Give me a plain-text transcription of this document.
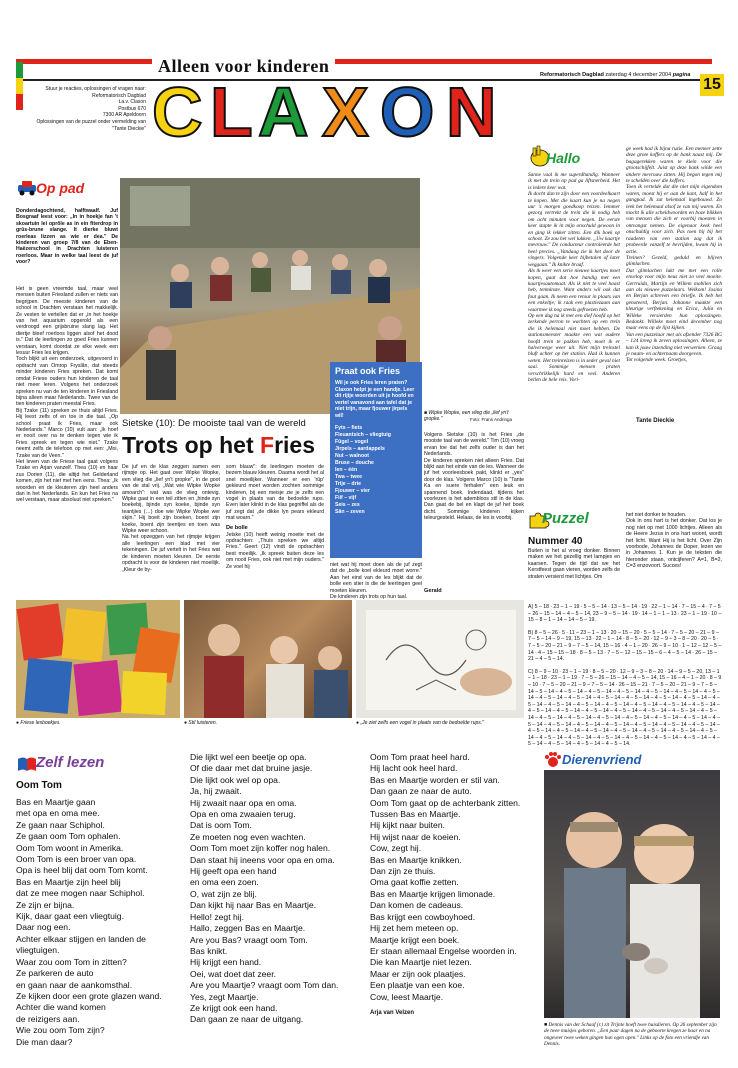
Alleen voor kinderen
C L A X O N	Reformatorisch Dagblad zaterdag 4 december 2004 pagina
15
Stuur je reacties, oplossingen of vragen naar:
Reformatorisch Dagblad
t.a.v. Claxon
Postbus 670
7300 AR Apeldoorn
Oplossingen van de puzzel onder vermelding van "Tante Dieckie"
Op pad
Donderdagochtend, halftwaalf. Juf Bosgraaf leest voor: „In in hoekje fan 't skoartuin lei oprôle as in ein fiterdrop in grûs-brune slange. It dierke bluwt roerleas lizzen as wie er dea." De kinderen van groep 7/8 van de Eben-Haëzerschool in Drachten luisteren roerloos. Maar in welke taal leest de juf voor?
Het is geen vreemde taal, maar veel mensen buiten Friesland zullen er niets van begrijpen. De meeste kinderen van de school in Drachten verstaan het makkelijk. Ze vesten te vertellen dat er „in het hoekje van het aquarium opgerold als een verdroogd een grijsbruine slang lag. Het diertje bleef roerloos liggen alsof het dood is." Dat de leerlingen zo goed Fries kunnen verstaan, komt doordat ze elke week een lesuur Fries les krijgen.
Toch blijkt uit een onderzoek, uitgevoerd in opdracht van Omrop Fryslân, dat steeds minder kinderen Fries spreken. Dat komt omdat Friese ouders hun kinderen de taal niet meer leren. Volgens het onderzoek spreken nu van de ten kinderen in Friesland bijna alleen maar Nederlands. Twee van de tien kinderen praten meestal Fries.
Bij Tzake (11) spreken ze thuis altijd Fries. Hij leest zelfs of en toe in die taal. „Op school praat ik Fries, maar ook Nederlands." Marco (10) vult aan: „Ik hoef er nooit over na te denken tegen wie ik Fries spreek en tegen wie niet." Tzake neemt zelfs de telefoon op met een: „Moi, Tzake van de Veen."
Het leven van de Friese taal gaat volgens Tzake en Arjan vanzelf. Thea (10) en haar zus Dorien (11), die altijd het Gelderland komen, zijn het niet met hen eens. Thea: „Ik woorden en de kleuteren zijn heel anders dan in het Nederlands. En kun het Fries na wel verstaan, maar absoluut niet spreken."
Praat ook Fries
Wil je ook Fries leren praten? Claxon helpt je een handje. Leer dit rijtje woorden uit je hoofd en vertel vanavond aan tafel dat je niet trijn, maar fjouwer jirpels wil!
Fyts – fiets
Fleuantsich – vliegtuig
Fûgel – vogel
Jirpels – aardappels
Nut – walnoot
Bruse – douche
Ien – één
Twa – twee
Trije – drie
Fjouwer – vier
Fiif – vijf
Seis – zes
Sân – zeven
Sietske (10): De mooiste taal van de wereld
Trots op het Fries
De juf en de klas zeggen samen een rijmpje op. Het gaat over Wipke Wopke, een vlieg die „lief yn't gropke", in de goot van de stal vrij. „Wat wie Wipke Wopke amoarch": wat was de vlieg ontevig. Wipke gaat in een teil zitten en „hinde syn boekebij, bjinde syn koeke, bjinde syn teantjies (…) doe wie Wipke Wopke wer skjin." Hij boeit zijn boeken, boent zijn koeke, boent zijn teentjes en toen was Wipke weer schoon.
Na het opzeggen van het rijmpje krijgen alle leerlingen een blad met vier tekeningen. De juf vertelt in het Fries wat de kinderen moeten kleuren. De eerste opdracht is voor de kinderen niet moeilijk. „Kleur de by-
som blauw": de leerlingen moeten de bezem blauw kleuren. Daarna wordt het al snel moeilijker. Wanneer er een 'rûp' gekleurd moet worden zochten sommige kinderen, bij een meisje zie je zelfs een vogel in plaats van de bedoelde rups. Even later klinkt in de klas gegniffel als de juf zegt dat „de dikke lyn pears ekleurd mat woarn."
De bolle
Jetske (10) heeft weinig moeite met de opdrachten: „Thuis spreken we altijd Fries." Geert (12) vindt de opdrachten best moeilijk. „Ik spreek buiten deze les om nooit Fries, ook niet met mijn ouders." Ze voel hij	niet wat hij moet doen als de juf zegt dat de „bolle koel ekleurd moet worre." Aan het eind van de les blijkt dat de bolle een stier is die de leerlingen geel moeten kleuren.
De kinderen zijn trots op hun taal.
■ Wipke Wopke, een vlieg die „lief yn't gropke."	Foto: Frans Andringa
Volgens Sietske (10) is het Fries „de mooiste taal van de wereld." Tim (10) vroeg ervan toe dat het zelfs ouder is dan het Nederlands.
De kinderen spreken niet alleen Fries. Dat blijkt aan het einde van de les. Wanneer de juf het voorleesboek pakt, klinkt er „yes" door de klas. Volgens Marco (10) is "Tante Ka en suere ferhalen" een leuk en spannend boek. Indendaad, tijdens het voorlezen is het adembloos stil in de klas. Dan gaat de bel en klapt de juf het boek dicht. Sommige kinderen kijken teleurgesteld. Helaas, de les is voorbij.
Gerald
● Friese lesboekjes.	● Stil luisteren.	● „Je ziet zelfs een vogel in plaats van de bedoelde rups."
Hallo
Sanne vaal ik me superdhandig. Wanneer ik met de trein op pad ga liftsnerheid. Het is iedere keer wat.
Ik docht dan te zijn door een voordeelkaart te kopen. Met die kaart kun je na negen uur 's morgen goedkoop reizen. Iemmer gezorg vertrekt de trein die ik nodig heb om acht minuten voor negen. De eerste keer stapte ik in mijn onschuld gewoon in en ging ik lekker zitten. Een dik boek op schoot. Ze zou het wel lukken. „Uw kaartje mevrouw." De conducteur controleerde het heel precies. „Vandaag zie ik het door de vingers. Volgende keer bijbetalen of later weggaan." Ik knikte braaf.
Als ik weer een serie nieuwe kaartjes moet kopen, gaat dat hoe handig met een kaartjesautomaat. Als ik niet te veel haast heb, tenminste. Want anders wil ook dat fout gaan. Ik neem een retour in plaats van een enkeltje; ik raak een plastiezaam aan waarmee ik nog steeds gefroezen heb.
Op een dag na ik met een dief hoofd op het zerkende perron te wachten op een trein die ik helemaal niet moet hebben. De stationsmeester maakte een wat oudere hoofd trein te pakken heb, moet ik er halverwege weer uit. Niet mijn treinstel bluft achter op het station. Had ik kunnen weten. Het treinreizen is in seder geval niet saai. Sommige mensen praten verschrikkelijk hard en veel. Anderen bellen de hele reis. Vori-
ge week had ik bijna ruzie. Een meneer zette deze grote koffers op de bank naast mij. De bagagerekken waren te klein voor die grootschijfelt. Juist op deze bank wilde een andere mevrouw zitten. Hij begon tegen mij te schelden over die koffers.
Toen ik vertelde dat die niet mijn eigendom waren, moest hij er aan de kant, half in het gangpad. Ik zat helemaal ingebouwd. Zo leek het helemaal alsof ze van mij waren. En mocht ik alle scheldwoorden en boze blikken van mensen die zich er voorbij moesten in ontvangst nemen. De eigenaar keek heel onschuldig voor zich. Pas toen hij bij het raadeten van een station zag dat ik probeerde vanzelf te bevrijden, kwam hij in actie.
Treinen? Gezeld, geduld en blijven glimlachen.
Dat glimlachen lukt me met een rolle envelop voor mijn neus niet zo veel moeite. Gertruida, Martijn en Willem mobilen zich aan als nieuwe puzzelaars. Welkom! Josina en Berjan schreven een briefje. Ik heb het genoteerd, Berjan. Johanne maakte een kleurige verftekening en Erica, Julia en Willeke versierden hun oplossingen. Bedankt. Willeke moet eind december nog maar eens op de lijst kijken.
Van een puzzelaar met als afzender 7326 BG – 124 kreeg ik zeven oplossingen. Alleen, ze kan ik jouw inzending niet verwerken. Graag je naam- en achternaam doorgeven.
Tot volgende week. Groetjes,
Tante Dieckie
Puzzel
Nummer 40
Buiten is het al vroeg donker. Binnen maken we het gezellig met lampjes en kaarsen. Tegen de tijd dat we het Kerstfeest gaan vieren, worden zelfs de straten versierd met lichtjes. Om
het niet donker te houden.
Ook in ons hart is het donker. Dat los je nog niet op met 1000 lichtjes. Alleen als de Heere Jezus in ons hart woont, wordt het licht. Want Hij is het licht. Over Zijn voorbode, Johannes de Doper, lezen we in Johannes 1. Kun je de teksten die hieronder staan, ontcijferen? A=1, B=2, C=3 enzovoort. Succes!
A) 5 – 18 ∙ 23 – 1 – 19 ∙ 5 – 5 – 14 ∙ 13 – 5 – 14 ∙ 19 ∙ 22 – 1 – 14 ∙ 7 – 15 – 4 ∙ 7 – 5 – 26 – 15 – 14 – 4 – 5 – 14, 23 – 9 – 5 – 14 ∙ 19 ∙ 14 – 1 – 1 – 13 ∙ 23 – 1 – 19 ∙ 10 – 15 – 8 – 1 – 14 – 14 – 5 – 19.
B) 8 – 5 – 26 ∙ 5 ∙ 11 – 23 – 1 – 13 ∙ 20 – 15 – 20 ∙ 5 – 5 – 14 ∙ 7 – 5 – 20 – 21 – 9 – 7 – 5 – 14 – 9 – 19, 15 – 13 ∙ 22 – 1 – 14 ∙ 8 – 5 – 20 ∙ 12 – 9 – 3 – 8 – 20 ∙ 20 – 5 ∙ 7 – 5 – 20 – 21 – 9 – 7 – 5 – 14, 15 – 16 ∙ 4 – 1 – 20 ∙ 26 – 9 – 10 ∙ 1 – 12 – 12 – 5 – 14 ∙ 4 – 15 – 15 – 18 ∙ 8 – 5 – 13 ∙ 7 – 5 – 12 – 15 – 15 – 6 – 4 – 5 – 14 ∙ 26 – 15 – 21 – 4 – 5 – 14.
C) 8 – 9 – 10 ∙ 23 – 1 – 19 ∙ 8 – 5 – 20 ∙ 12 – 9 – 3 – 8 – 20 ∙ 14 – 9 – 5 – 20, 13 – 1 – 1 – 18 ∙ 23 – 1 – 19 ∙ 7 – 5 – 26 – 15 – 14 – 4 – 5 – 14, 15 – 16 – 4 – 1 – 20 ∙ 8 – 9 – 10 ∙ 7 – 5 – 20 – 21 – 9 – 7 – 5 – 14 ∙ 26 – 15 – 21 ∙ 7 – 5 – 20 – 21 – 9 – 7 – 5 – 14 – 5 – 14 – 4 – 5 – 14 – 4 – 5 – 14 – 4 – 5 – 14 – 4 – 5 – 14 – 4 – 5 – 14 – 4 – 5 – 14 – 4 – 5 – 14 – 4 – 5 – 14 – 4 – 5 – 14 – 4 – 5 – 14 – 4 – 5 – 14 – 4 – 5 – 14 – 4 – 5 – 14 – 4 – 5 – 14 – 4 – 5 – 14 – 4 – 5 – 14 – 4 – 5 – 14 – 4 – 5 – 14 – 4 – 5 – 14 – 4 – 5 – 14 – 4 – 5 – 14 – 4 – 5 – 14 – 4 – 5 – 14 – 4 – 5 – 14 – 4 – 5 – 14 – 4 – 5 – 14 – 4 – 5 – 14 – 4 – 5 – 14 – 4 – 5 – 14 – 4 – 5 – 14 – 4 – 5 – 14 – 4 – 5 – 14 – 4 – 5 – 14 – 4 – 5 – 14 – 4 – 5 – 14 – 4 – 5 – 14 – 4 – 5 – 14 – 4 – 5 – 14 – 4 – 5 – 14 – 4 – 5 – 14 – 4 – 5 – 14 – 4 – 5 – 14 – 4 – 5 – 14 – 4 – 5 – 14 – 4 – 5 – 14 – 4 – 5 – 14 – 4 – 5 – 14 – 4 – 5 – 14 – 4 – 5 – 14 – 4 – 5 – 14 – 4 – 5 – 14 – 4 – 5 – 14 – 4 – 5 – 14 – 4 – 5 – 14 – 4 – 5 – 14 – 4 – 5 – 14.
Zelf lezen
Oom Tom
Bas en Maartje gaan
met opa en oma mee.
Ze gaan naar Schiphol.
Ze gaan oom Tom ophalen.
Oom Tom woont in Amerika.
Oom Tom is een broer van opa.
Opa is heel blij dat oom Tom komt.
Bas en Maartje zijn heel blij
dat ze mee mogen naar Schiphol.
Ze zijn er bijna.
Kijk, daar gaat een vliegtuig.
Daar nog een.
Achter elkaar stijgen en landen de
vliegtuigen.
Waar zou oom Tom in zitten?
Ze parkeren de auto
en gaan naar de aankomsthal.
Ze kijken door een grote glazen wand.
Achter die wand komen
de reizigers aan.
Wie zou oom Tom zijn?
Die man daar?
Die lijkt wel een beetje op opa.
Of die daar met dat bruine jasje.
Die lijkt ook wel op opa.
Ja, hij zwaait.
Hij zwaait naar opa en oma.
Opa en oma zwaaien terug.
Dat is oom Tom.
Ze moeten nog even wachten.
Oom Tom moet zijn koffer nog halen.
Dan staat hij ineens voor opa en oma.
Hij geeft opa een hand
en oma een zoen.
O, wat zijn ze blij.
Dan kijkt hij naar Bas en Maartje.
Hello! zegt hij.
Hallo, zeggen Bas en Maartje.
Are you Bas? vraagt oom Tom.
Bas knikt.
Hij krijgt een hand.
Oei, wat doet dat zeer.
Are you Maartje? vraagt oom Tom dan.
Yes, zegt Maartje.
Ze krijgt ook een hand.
Dan gaan ze naar de uitgang.
Oom Tom praat heel hard.
Hij lacht ook heel hard.
Bas en Maartje worden er stil van.
Dan gaan ze naar de auto.
Oom Tom gaat op de achterbank zitten.
Tussen Bas en Maartje.
Hij kijkt naar buiten.
Hij wijst naar de koeien.
Cow, zegt hij.
Bas en Maartje knikken.
Dan zijn ze thuis.
Oma gaat koffie zetten.
Bas en Maartje krijgen limonade.
Dan komen de cadeaus.
Bas krijgt een cowboyhoed.
Hij zet hem meteen op.
Maartje krijgt een boek.
Er staan allemaal Engelse woorden in.
Die kan Maartje niet lezen.
Maar er zijn ook plaatjes.
Een plaatje van een koe.
Cow, leest Maartje.
Arja van Velzen
Dierenvriend
■ Dennis van der Schaaf (r.) zit Trijnte hoeft twee huisdieren. Op 26 september zijn de twee muisjes geboren. „Een paar dagen na de geboorte kregen ze haar en na ongeveer twee weken gingen hun ogen open." Links op de foto een vriendje van Dennis.
